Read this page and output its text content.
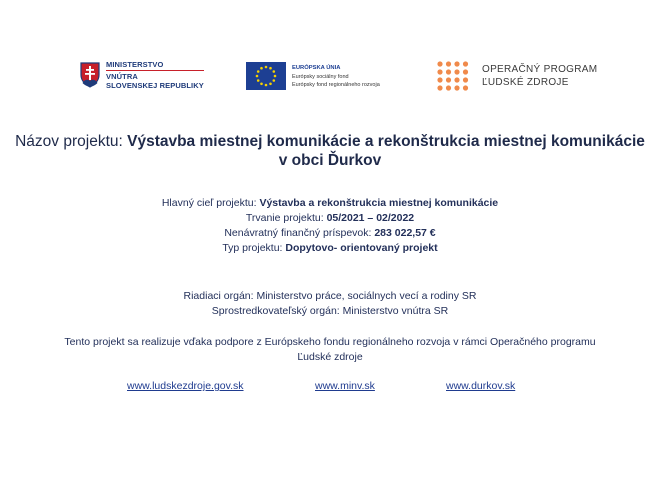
MINISTERSTVO
VNÚTRA
SLOVENSKEJ REPUBLIKY
EURÓPSKA ÚNIA
Európsky sociálny fond
Európsky fond regionálneho rozvoja
OPERAČNÝ PROGRAM
ĽUDSKÉ ZDROJE
Názov projektu: Výstavba miestnej komunikácie a rekonštrukcia miestnej komunikácie
v obci Ďurkov
Hlavný cieľ projektu: Výstavba a rekonštrukcia miestnej komunikácie
Trvanie projektu: 05/2021 – 02/2022
Nenávratný finančný príspevok: 283 022,57 €
Typ projektu: Dopytovo- orientovaný projekt
Riadiaci orgán: Ministerstvo práce, sociálnych vecí a rodiny SR
Sprostredkovateľský orgán: Ministerstvo vnútra SR
Tento projekt sa realizuje vďaka podpore z Európskeho fondu regionálneho rozvoja v rámci Operačného programu
Ľudské zdroje
www.ludskezdroje.gov.sk	www.minv.sk	www.durkov.sk
